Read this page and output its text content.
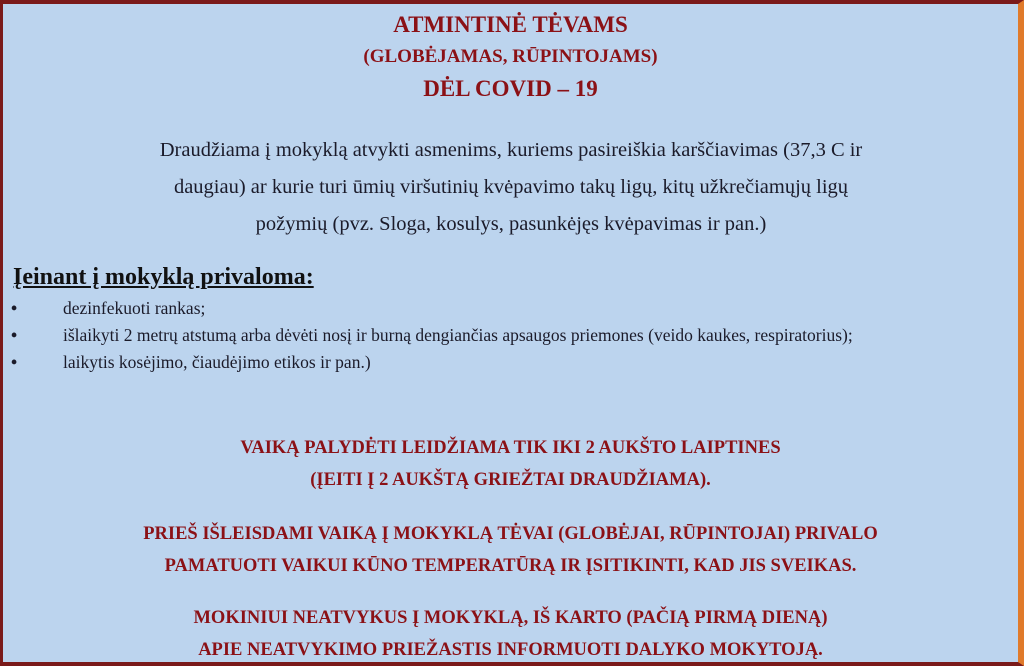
ATMINTINĖ TĖVAMS
(GLOBĖJAMAS, RŪPINTOJAMS)
DĖL COVID – 19
Draudžiama į mokyklą atvykti asmenims, kuriems pasireiškia karščiavimas (37,3 C ir
daugiau) ar kurie turi ūmių viršutinių kvėpavimo takų ligų, kitų užkrečiamųjų ligų
požymių (pvz. Sloga, kosulys, pasunkėjęs kvėpavimas ir pan.)
Įeinant į mokyklą privaloma:
•	dezinfekuoti rankas;
•	išlaikyti 2 metrų atstumą arba dėvėti nosį ir burną dengiančias apsaugos priemones (veido kaukes, respiratorius);
•	laikytis kosėjimo, čiaudėjimo etikos ir pan.)
VAIKĄ PALYDĖTI LEIDŽIAMA TIK IKI 2 AUKŠTO LAIPTINES
(ĮEITI Į 2 AUKŠTĄ GRIEŽTAI DRAUDŽIAMA).
PRIEŠ IŠLEISDAMI VAIKĄ Į MOKYKLĄ TĖVAI (GLOBĖJAI, RŪPINTOJAI) PRIVALO
PAMATUOTI VAIKUI KŪNO TEMPERATŪRĄ IR ĮSITIKINTI, KAD JIS SVEIKAS.
MOKINIUI NEATVYKUS Į MOKYKLĄ, IŠ KARTO (PAČIĄ PIRMĄ DIENĄ)
APIE NEATVYKIMO PRIEŽASTIS INFORMUOTI DALYKO MOKYTOJĄ.
